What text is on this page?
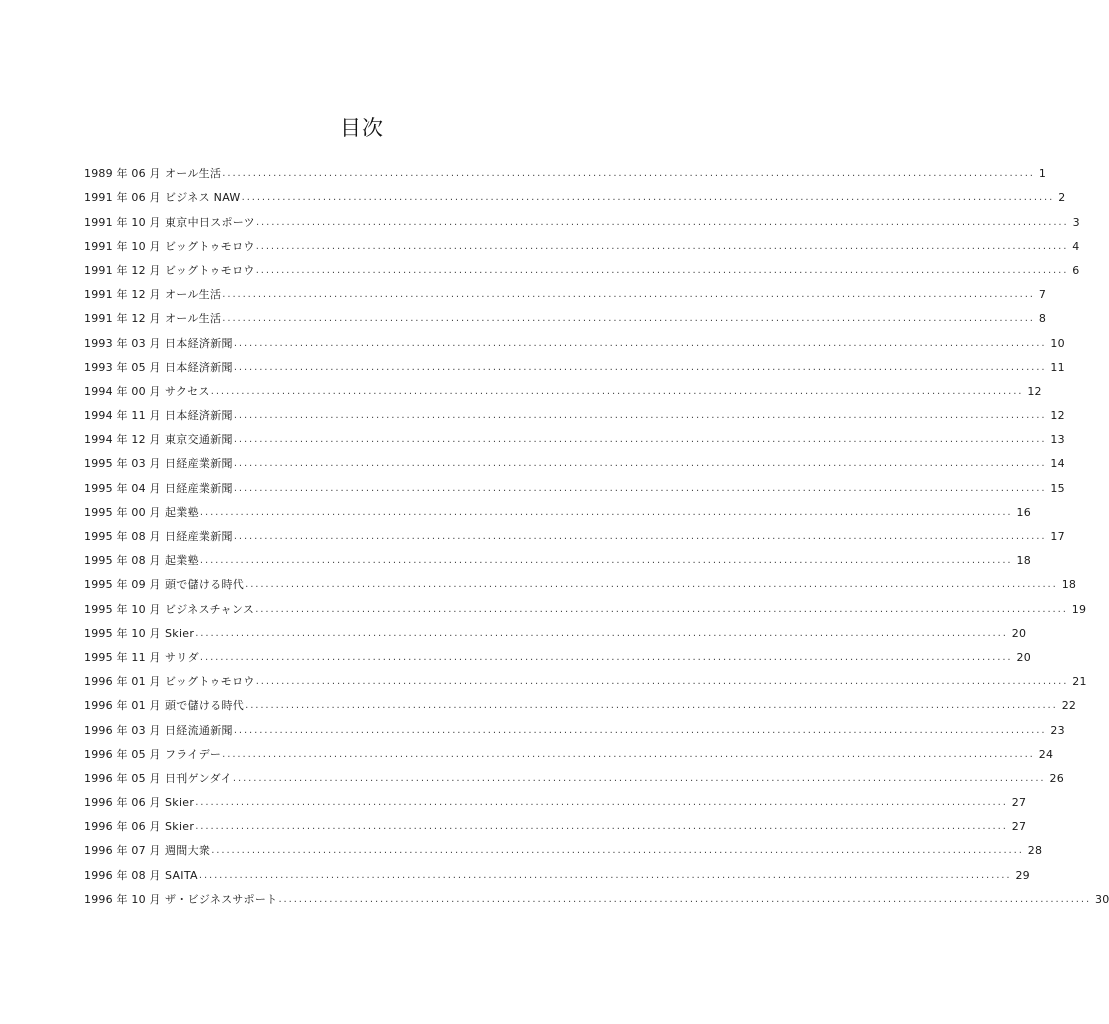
目次
1989 年 06 月 オール生活 ................................................................................................................................................................ 1
1991 年 06 月 ビジネス NAW ................................................................................................................................................................ 2
1991 年 10 月 東京中日スポーツ ................................................................................................................................................................ 3
1991 年 10 月 ビッグトゥモロウ ................................................................................................................................................................ 4
1991 年 12 月 ビッグトゥモロウ ................................................................................................................................................................ 6
1991 年 12 月 オール生活 ................................................................................................................................................................ 7
1991 年 12 月 オール生活 ................................................................................................................................................................ 8
1993 年 03 月 日本経済新聞 ................................................................................................................................................................ 10
1993 年 05 月 日本経済新聞 ................................................................................................................................................................ 11
1994 年 00 月 サクセス ................................................................................................................................................................ 12
1994 年 11 月 日本経済新聞 ................................................................................................................................................................ 12
1994 年 12 月 東京交通新聞 ................................................................................................................................................................ 13
1995 年 03 月 日経産業新聞 ................................................................................................................................................................ 14
1995 年 04 月 日経産業新聞 ................................................................................................................................................................ 15
1995 年 00 月 起業塾 ................................................................................................................................................................ 16
1995 年 08 月 日経産業新聞 ................................................................................................................................................................ 17
1995 年 08 月 起業塾 ................................................................................................................................................................ 18
1995 年 09 月 頭で儲ける時代 ................................................................................................................................................................ 18
1995 年 10 月 ビジネスチャンス ................................................................................................................................................................ 19
1995 年 10 月 Skier ................................................................................................................................................................ 20
1995 年 11 月 サリダ ................................................................................................................................................................ 20
1996 年 01 月 ビッグトゥモロウ ................................................................................................................................................................ 21
1996 年 01 月 頭で儲ける時代 ................................................................................................................................................................ 22
1996 年 03 月 日経流通新聞 ................................................................................................................................................................ 23
1996 年 05 月 フライデー ................................................................................................................................................................ 24
1996 年 05 月 日刊ゲンダイ ................................................................................................................................................................ 26
1996 年 06 月 Skier ................................................................................................................................................................ 27
1996 年 06 月 Skier ................................................................................................................................................................ 27
1996 年 07 月 週間大衆 ................................................................................................................................................................ 28
1996 年 08 月 SAITA ................................................................................................................................................................ 29
1996 年 10 月 ザ・ビジネスサポート ................................................................................................................................................................ 30
